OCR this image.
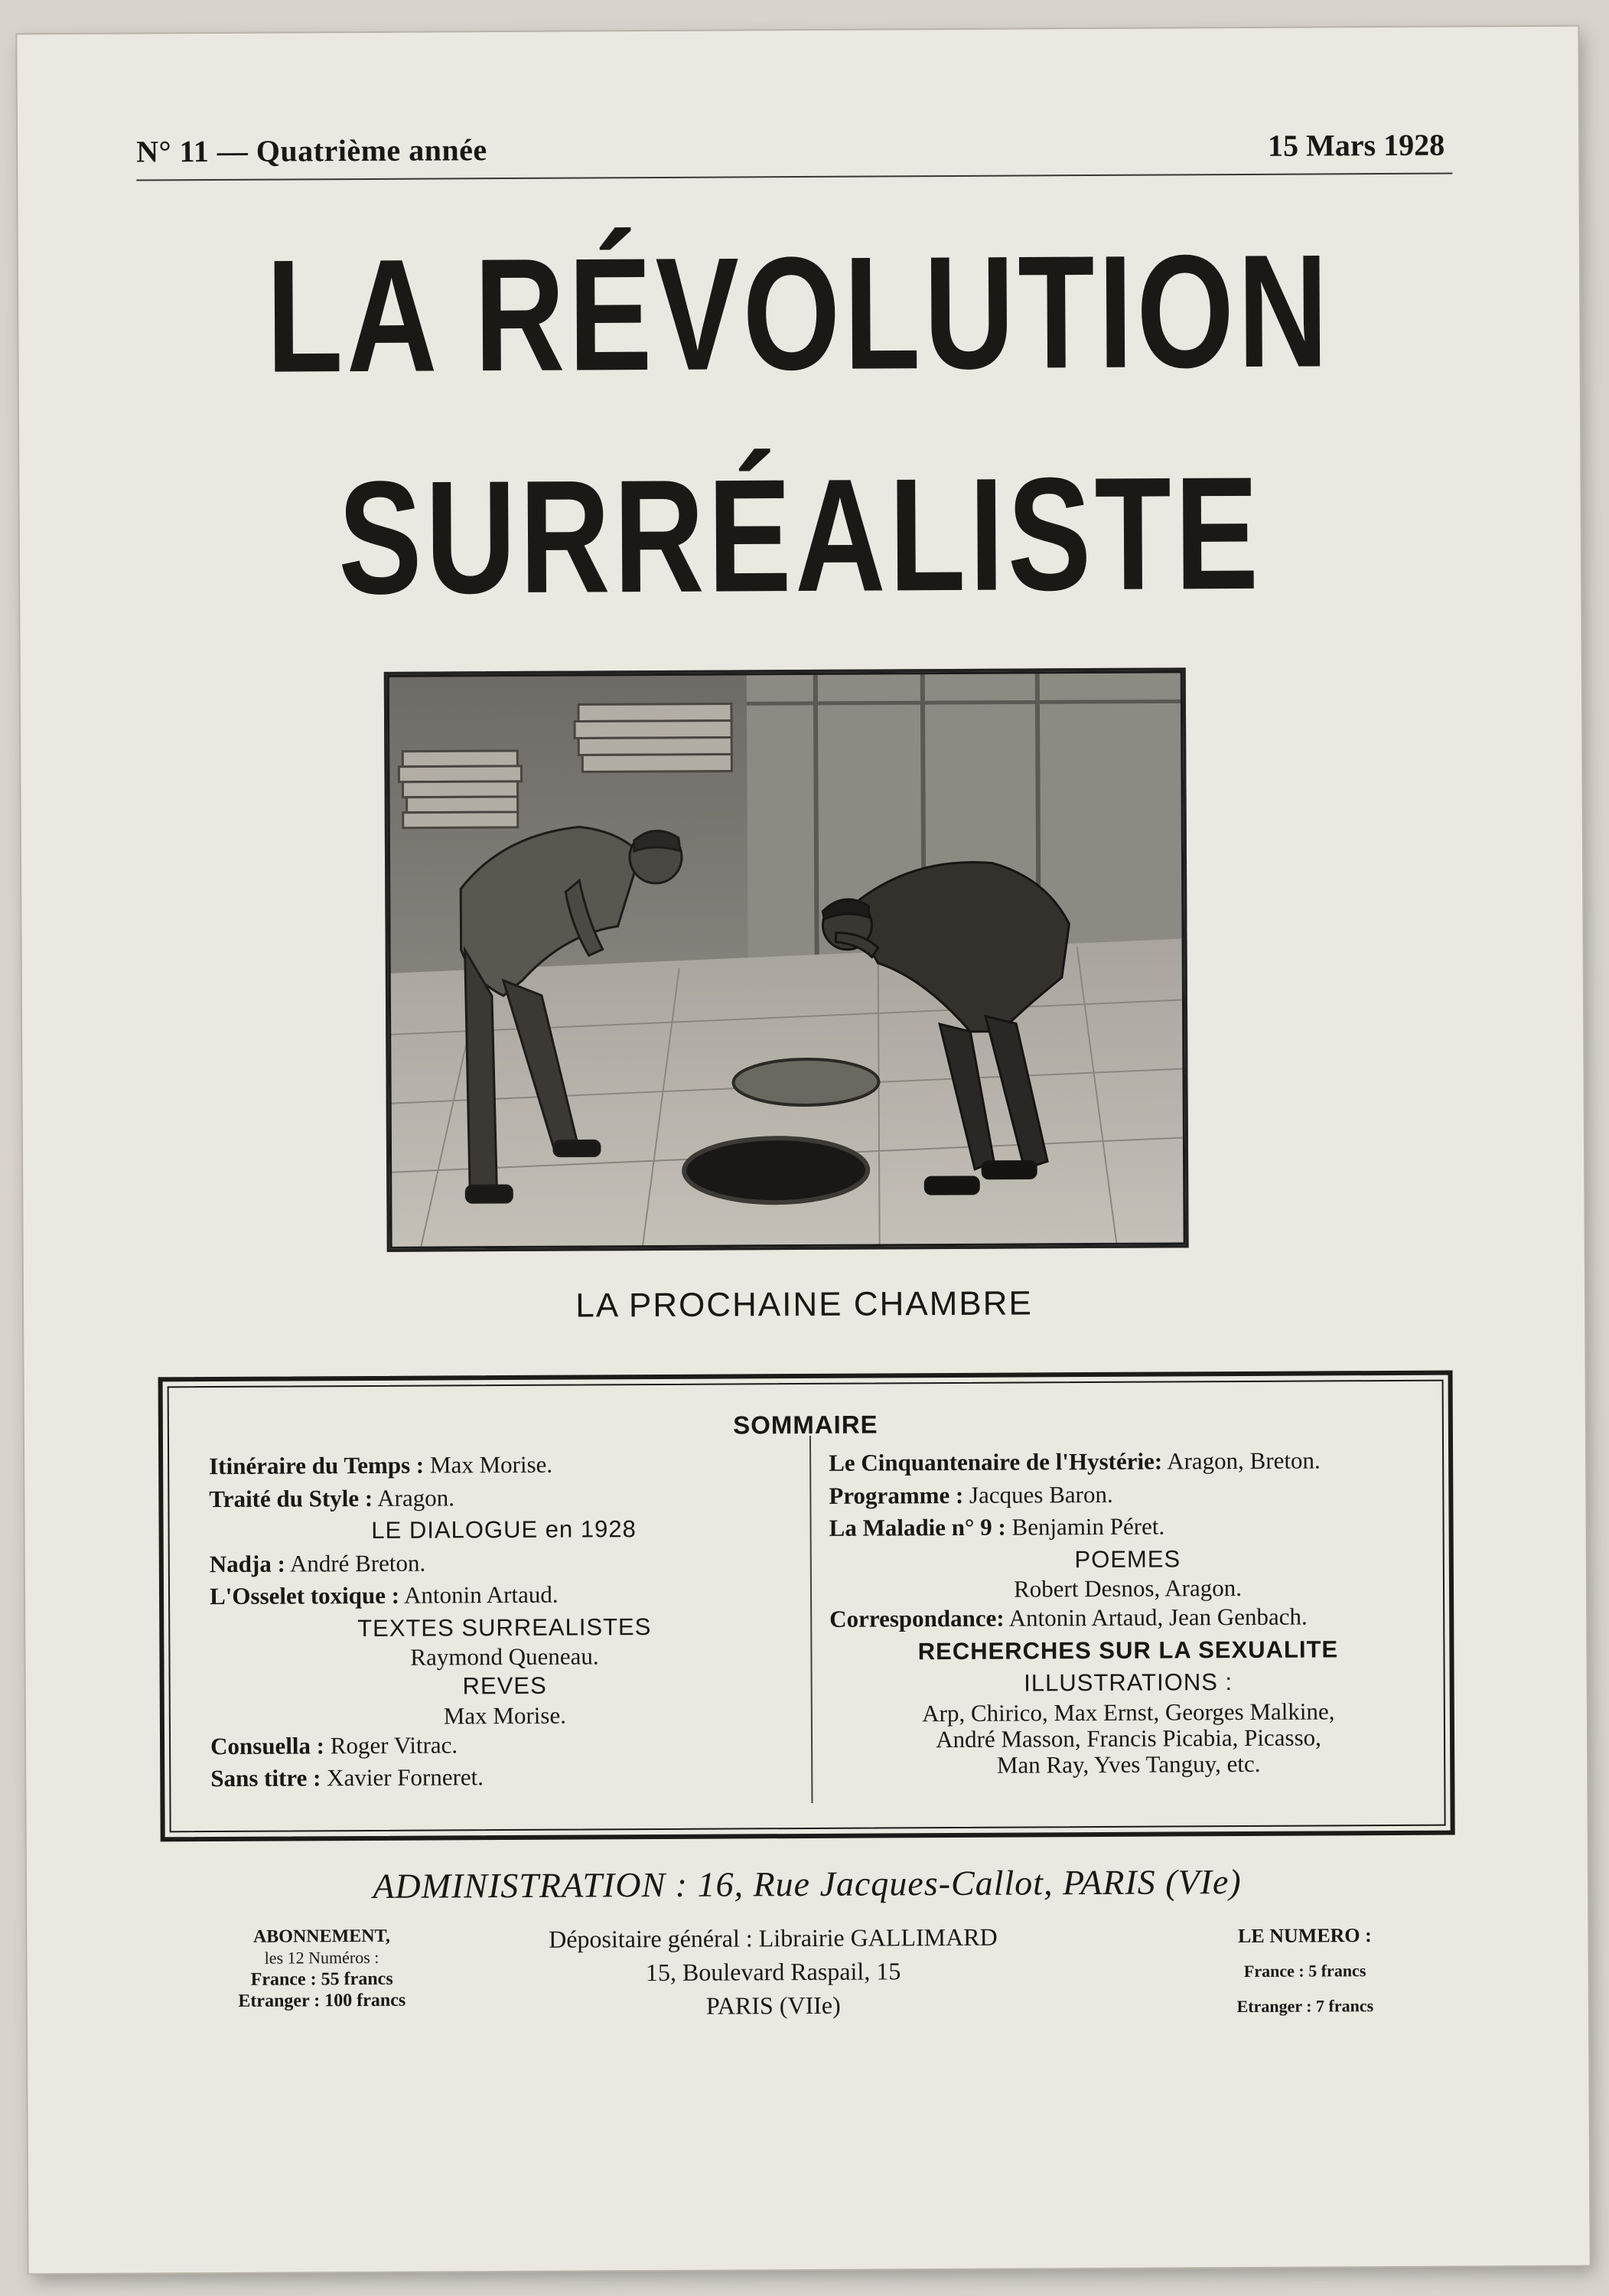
N° 11 — Quatrième année	15 Mars 1928
LA RÉVOLUTION
SURRÉALISTE
LA PROCHAINE CHAMBRE
SOMMAIRE
Itinéraire du Temps : Max Morise.
Traité du Style : Aragon.
LE DIALOGUE en 1928
Nadja : André Breton.
L'Osselet toxique : Antonin Artaud.
TEXTES SURREALISTES
Raymond Queneau.
REVES
Max Morise.
Consuella : Roger Vitrac.
Sans titre : Xavier Forneret.
Le Cinquantenaire de l'Hystérie: Aragon, Breton.
Programme : Jacques Baron.
La Maladie n° 9 : Benjamin Péret.
POEMES
Robert Desnos, Aragon.
Correspondance: Antonin Artaud, Jean Genbach.
RECHERCHES SUR LA SEXUALITE
ILLUSTRATIONS :
Arp, Chirico, Max Ernst, Georges Malkine,
André Masson, Francis Picabia, Picasso,
Man Ray, Yves Tanguy, etc.
ADMINISTRATION : 16, Rue Jacques-Callot, PARIS (VIe)
ABONNEMENT,
les 12 Numéros :
France : 55 francs
Etranger : 100 francs
Dépositaire général : Librairie GALLIMARD
15, Boulevard Raspail, 15
PARIS (VIIe)
LE NUMERO :
France : 5 francs
Etranger : 7 francs
